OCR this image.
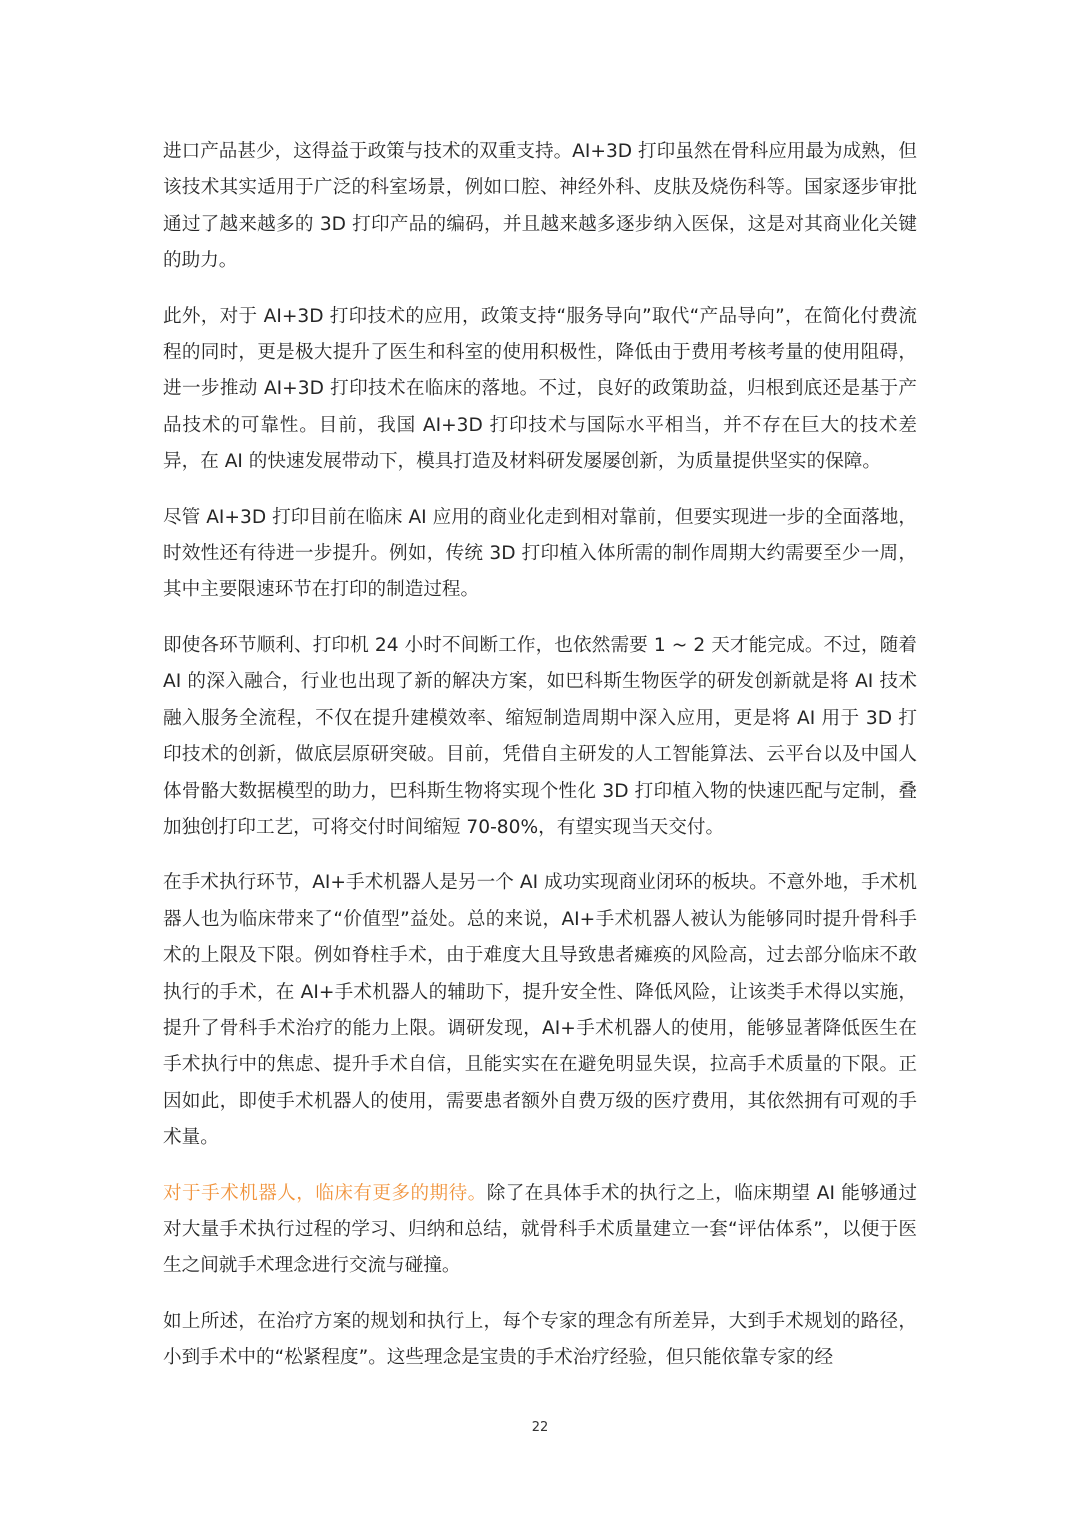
进口产品甚少，这得益于政策与技术的双重支持。AI+3D 打印虽然在骨科应用最为成熟，但该技术其实适用于广泛的科室场景，例如口腔、神经外科、皮肤及烧伤科等。国家逐步审批通过了越来越多的 3D 打印产品的编码，并且越来越多逐步纳入医保，这是对其商业化关键的助力。

此外，对于 AI+3D 打印技术的应用，政策支持“服务导向”取代“产品导向”，在简化付费流程的同时，更是极大提升了医生和科室的使用积极性，降低由于费用考核考量的使用阻碍，进一步推动 AI+3D 打印技术在临床的落地。不过，良好的政策助益，归根到底还是基于产品技术的可靠性。目前，我国 AI+3D 打印技术与国际水平相当，并不存在巨大的技术差异，在 AI 的快速发展带动下，模具打造及材料研发屡屡创新，为质量提供坚实的保障。

尽管 AI+3D 打印目前在临床 AI 应用的商业化走到相对靠前，但要实现进一步的全面落地，时效性还有待进一步提升。例如，传统 3D 打印植入体所需的制作周期大约需要至少一周，其中主要限速环节在打印的制造过程。

即使各环节顺利、打印机 24 小时不间断工作，也依然需要 1 ~ 2 天才能完成。不过，随着 AI 的深入融合，行业也出现了新的解决方案，如巴科斯生物医学的研发创新就是将 AI 技术融入服务全流程，不仅在提升建模效率、缩短制造周期中深入应用，更是将 AI 用于 3D 打印技术的创新，做底层原研突破。目前，凭借自主研发的人工智能算法、云平台以及中国人体骨骼大数据模型的助力，巴科斯生物将实现个性化 3D 打印植入物的快速匹配与定制，叠加独创打印工艺，可将交付时间缩短 70-80%，有望实现当天交付。

在手术执行环节，AI+手术机器人是另一个 AI 成功实现商业闭环的板块。不意外地，手术机器人也为临床带来了“价值型”益处。总的来说，AI+手术机器人被认为能够同时提升骨科手术的上限及下限。例如脊柱手术，由于难度大且导致患者瘫痪的风险高，过去部分临床不敢执行的手术，在 AI+手术机器人的辅助下，提升安全性、降低风险，让该类手术得以实施，提升了骨科手术治疗的能力上限。调研发现，AI+手术机器人的使用，能够显著降低医生在手术执行中的焦虑、提升手术自信，且能实实在在避免明显失误，拉高手术质量的下限。正因如此，即使手术机器人的使用，需要患者额外自费万级的医疗费用，其依然拥有可观的手术量。

对于手术机器人，临床有更多的期待。除了在具体手术的执行之上，临床期望 AI 能够通过对大量手术执行过程的学习、归纳和总结，就骨科手术质量建立一套“评估体系”，以便于医生之间就手术理念进行交流与碰撞。

如上所述，在治疗方案的规划和执行上，每个专家的理念有所差异，大到手术规划的路径，小到手术中的“松紧程度”。这些理念是宝贵的手术治疗经验，但只能依靠专家的经

22
